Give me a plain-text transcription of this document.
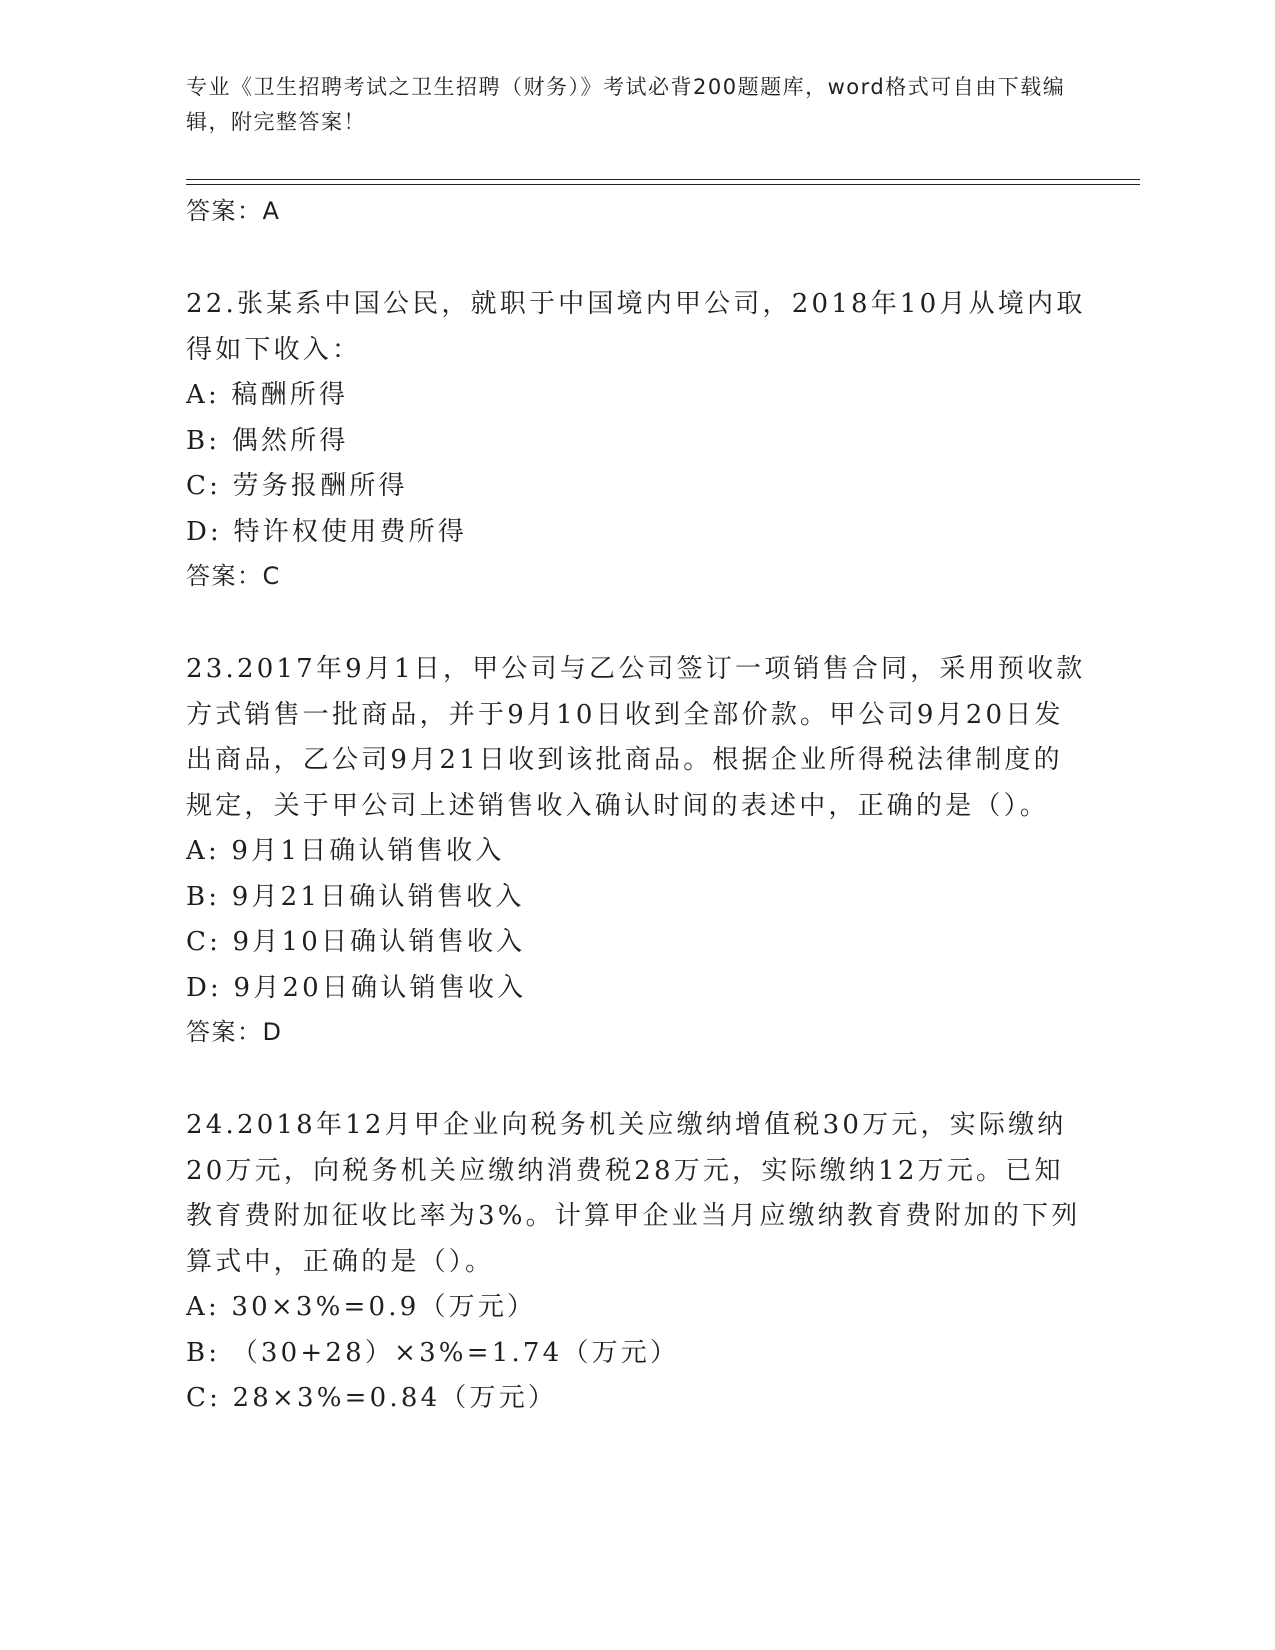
专业《卫生招聘考试之卫生招聘（财务）》考试必背200题题库，word格式可自由下载编辑，附完整答案！

答案：A

22.张某系中国公民，就职于中国境内甲公司，2018年10月从境内取得如下收入：

A: 稿酬所得

B: 偶然所得

C: 劳务报酬所得

D: 特许权使用费所得

答案：C

23.2017年9月1日，甲公司与乙公司签订一项销售合同，采用预收款方式销售一批商品，并于9月10日收到全部价款。甲公司9月20日发出商品，乙公司9月21日收到该批商品。根据企业所得税法律制度的规定，关于甲公司上述销售收入确认时间的表述中，正确的是（）。

A: 9月1日确认销售收入

B: 9月21日确认销售收入

C: 9月10日确认销售收入

D: 9月20日确认销售收入

答案：D

24.2018年12月甲企业向税务机关应缴纳增值税30万元，实际缴纳20万元，向税务机关应缴纳消费税28万元，实际缴纳12万元。已知教育费附加征收比率为3%。计算甲企业当月应缴纳教育费附加的下列算式中，正确的是（）。

A: 30×3%=0.9（万元）

B: （30+28）×3%=1.74（万元）

C: 28×3%=0.84（万元）
